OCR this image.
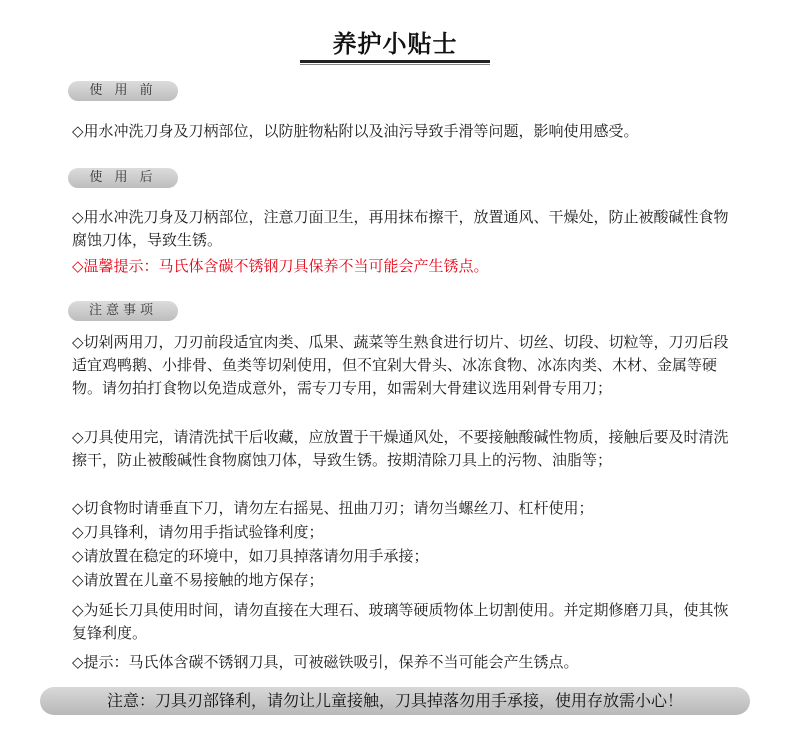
养护小贴士
使 用 前
◇用水冲洗刀身及刀柄部位，以防脏物粘附以及油污导致手滑等问题，影响使用感受。
使 用 后
◇用水冲洗刀身及刀柄部位，注意刀面卫生，再用抹布擦干，放置通风、干燥处，防止被酸碱性食物腐蚀刀体，导致生锈。
◇温馨提示：马氏体含碳不锈钢刀具保养不当可能会产生锈点。
注意事项
◇切剁两用刀，刀刃前段适宜肉类、瓜果、蔬菜等生熟食进行切片、切丝、切段、切粒等，刀刃后段适宜鸡鸭鹅、小排骨、鱼类等切剁使用，但不宜剁大骨头、冰冻食物、冰冻肉类、木材、金属等硬物。请勿拍打食物以免造成意外，需专刀专用，如需剁大骨建议选用剁骨专用刀；
◇刀具使用完，请清洗拭干后收藏，应放置于干燥通风处，不要接触酸碱性物质，接触后要及时清洗擦干，防止被酸碱性食物腐蚀刀体，导致生锈。按期清除刀具上的污物、油脂等；
◇切食物时请垂直下刀，请勿左右摇晃、扭曲刀刃；请勿当螺丝刀、杠杆使用；
◇刀具锋利，请勿用手指试验锋利度；
◇请放置在稳定的环境中，如刀具掉落请勿用手承接；
◇请放置在儿童不易接触的地方保存；
◇为延长刀具使用时间，请勿直接在大理石、玻璃等硬质物体上切割使用。并定期修磨刀具，使其恢复锋利度。
◇提示：马氏体含碳不锈钢刀具，可被磁铁吸引，保养不当可能会产生锈点。
注意：刀具刃部锋利，请勿让儿童接触，刀具掉落勿用手承接，使用存放需小心！
